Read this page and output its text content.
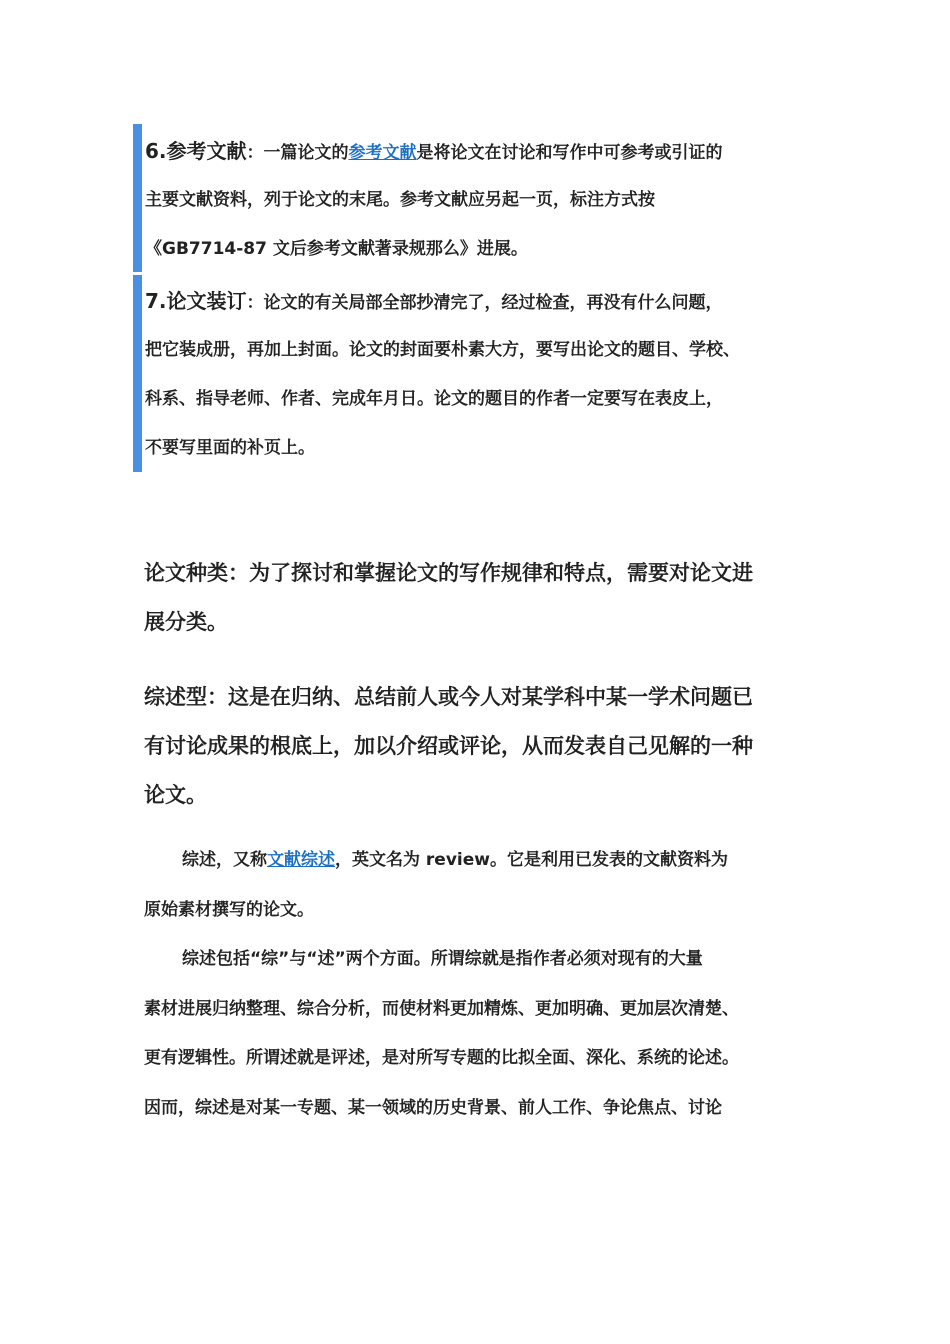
6.参考文献：一篇论文的参考文献是将论文在讨论和写作中可参考或引证的
主要文献资料，列于论文的末尾。参考文献应另起一页，标注方式按
《GB7714-87 文后参考文献著录规那么》进展。
7.论文装订：论文的有关局部全部抄清完了，经过检查，再没有什么问题，
把它装成册，再加上封面。论文的封面要朴素大方，要写出论文的题目、学校、
科系、指导老师、作者、完成年月日。论文的题目的作者一定要写在表皮上，
不要写里面的补页上。
论文种类：为了探讨和掌握论文的写作规律和特点，需要对论文进
展分类。
综述型：这是在归纳、总结前人或今人对某学科中某一学术问题已
有讨论成果的根底上，加以介绍或评论，从而发表自己见解的一种
论文。
综述，又称文献综述，英文名为 review。它是利用已发表的文献资料为
原始素材撰写的论文。
综述包括“综”与“述”两个方面。所谓综就是指作者必须对现有的大量
素材进展归纳整理、综合分析，而使材料更加精炼、更加明确、更加层次清楚、
更有逻辑性。所谓述就是评述，是对所写专题的比拟全面、深化、系统的论述。
因而，综述是对某一专题、某一领域的历史背景、前人工作、争论焦点、讨论
